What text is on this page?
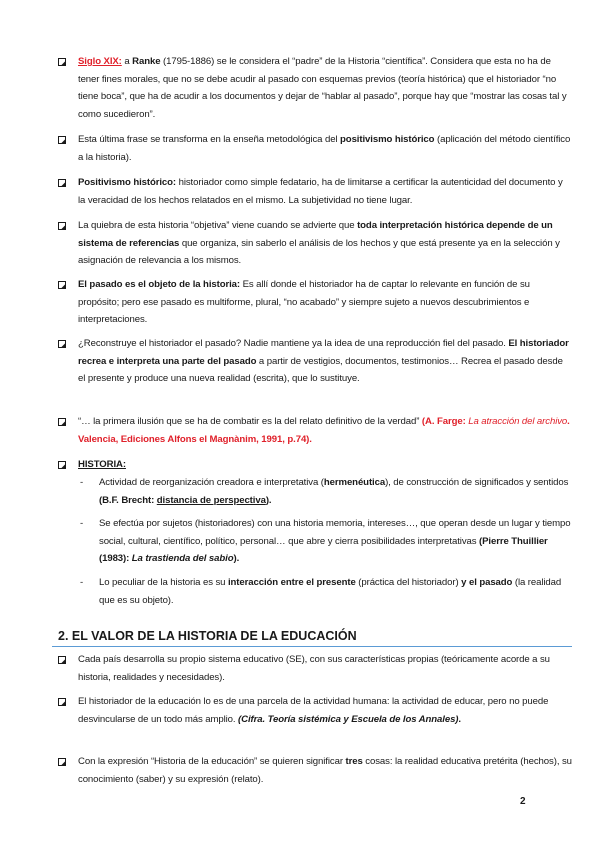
Siglo XIX: a Ranke (1795-1886) se le considera el “padre” de la Historia “científica”. Considera que esta no ha de tener fines morales, que no se debe acudir al pasado con esquemas previos (teoría histórica) que el historiador “no tiene boca”, que ha de acudir a los documentos y dejar de “hablar al pasado”, porque hay que “mostrar las cosas tal y como sucedieron”.
Esta última frase se transforma en la enseña metodológica del positivismo histórico (aplicación del método científico a la historia).
Positivismo histórico: historiador como simple fedatario, ha de limitarse a certificar la autenticidad del documento y la veracidad de los hechos relatados en el mismo. La subjetividad no tiene lugar.
La quiebra de esta historia “objetiva” viene cuando se advierte que toda interpretación histórica depende de un sistema de referencias que organiza, sin saberlo el análisis de los hechos y que está presente ya en la selección y asignación de relevancia a los mismos.
El pasado es el objeto de la historia: Es allí donde el historiador ha de captar lo relevante en función de su propósito; pero ese pasado es multiforme, plural, “no acabado” y siempre sujeto a nuevos descubrimientos e interpretaciones.
¿Reconstruye el historiador el pasado? Nadie mantiene ya la idea de una reproducción fiel del pasado. El historiador recrea e interpreta una parte del pasado a partir de vestigios, documentos, testimonios… Recrea el pasado desde el presente y produce una nueva realidad (escrita), que lo sustituye.
“… la primera ilusión que se ha de combatir es la del relato definitivo de la verdad” (A. Farge: La atracción del archivo. Valencia, Ediciones Alfons el Magnànim, 1991, p.74).
HISTORIA:
-	Actividad de reorganización creadora e interpretativa (hermenéutica), de construcción de significados y sentidos (B.F. Brecht: distancia de perspectiva).
-	Se efectúa por sujetos (historiadores) con una historia memoria, intereses…, que operan desde un lugar y tiempo social, cultural, científico, político, personal… que abre y cierra posibilidades interpretativas (Pierre Thuillier (1983): La trastienda del sabio).
-	Lo peculiar de la historia es su interacción entre el presente (práctica del historiador) y el pasado (la realidad que es su objeto).
2. EL VALOR DE LA HISTORIA DE LA EDUCACIÓN
Cada país desarrolla su propio sistema educativo (SE), con sus características propias (teóricamente acorde a su historia, realidades y necesidades).
El historiador de la educación lo es de una parcela de la actividad humana: la actividad de educar, pero no puede desvincularse de un todo más amplio. (Cifra. Teoría sistémica y Escuela de los Annales).
Con la expresión “Historia de la educación” se quieren significar tres cosas: la realidad educativa pretérita (hechos), su conocimiento (saber) y su expresión (relato).
2
